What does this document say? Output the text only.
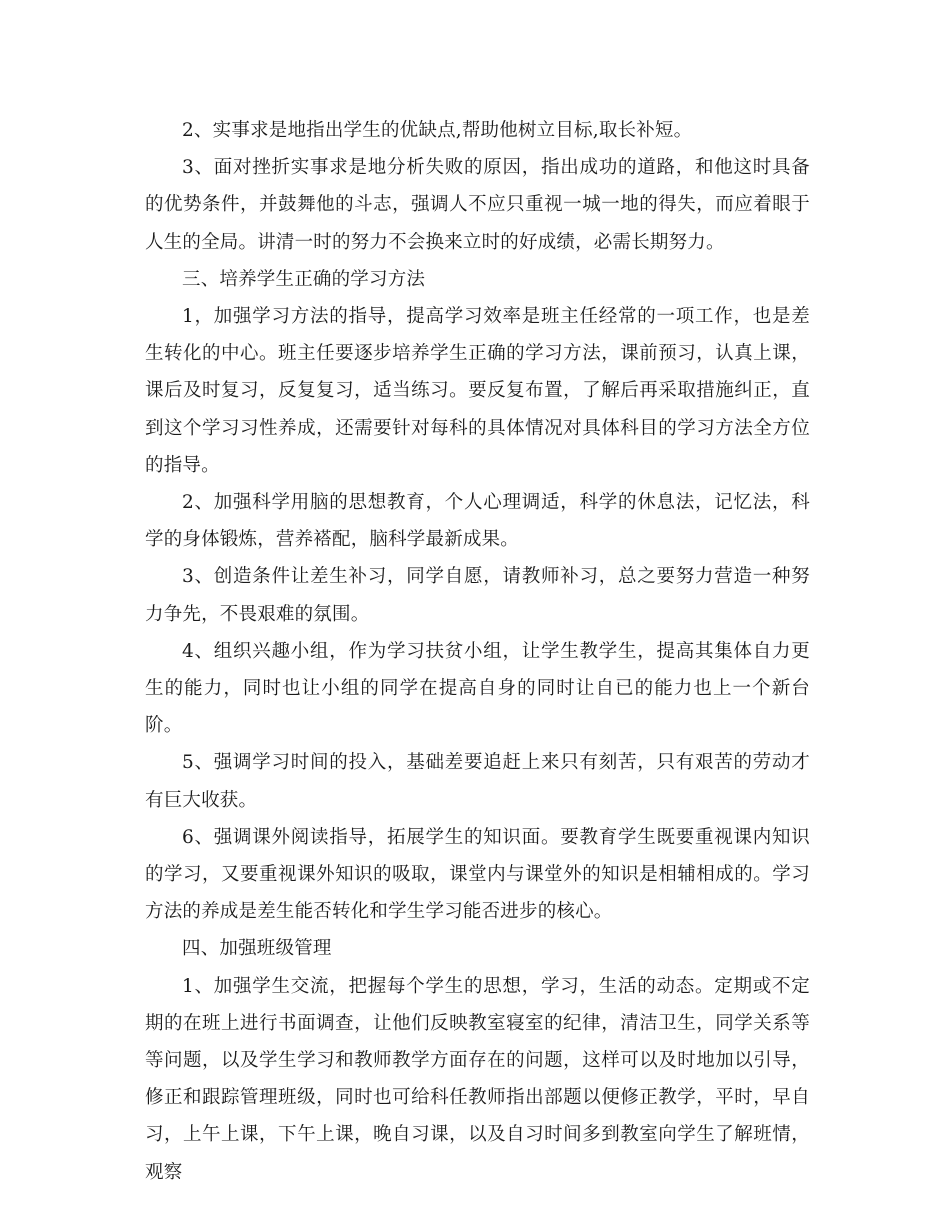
2、实事求是地指出学生的优缺点,帮助他树立目标,取长补短。

3、面对挫折实事求是地分析失败的原因，指出成功的道路，和他这时具备的优势条件，并鼓舞他的斗志，强调人不应只重视一城一地的得失，而应着眼于人生的全局。讲清一时的努力不会换来立时的好成绩，必需长期努力。

三、培养学生正确的学习方法

1，加强学习方法的指导，提高学习效率是班主任经常的一项工作，也是差生转化的中心。班主任要逐步培养学生正确的学习方法，课前预习，认真上课，课后及时复习，反复复习，适当练习。要反复布置，了解后再采取措施纠正，直到这个学习习性养成，还需要针对每科的具体情况对具体科目的学习方法全方位的指导。

2、加强科学用脑的思想教育，个人心理调适，科学的休息法，记忆法，科学的身体锻炼，营养褡配，脑科学最新成果。

3、创造条件让差生补习，同学自愿，请教师补习，总之要努力营造一种努力争先，不畏艰难的氛围。

4、组织兴趣小组，作为学习扶贫小组，让学生教学生，提高其集体自力更生的能力，同时也让小组的同学在提高自身的同时让自已的能力也上一个新台阶。

5、强调学习时间的投入，基础差要追赶上来只有刻苦，只有艰苦的劳动才有巨大收获。

6、强调课外阅读指导，拓展学生的知识面。要教育学生既要重视课内知识的学习，又要重视课外知识的吸取，课堂内与课堂外的知识是相辅相成的。学习方法的养成是差生能否转化和学生学习能否进步的核心。

四、加强班级管理

1、加强学生交流，把握每个学生的思想，学习，生活的动态。定期或不定期的在班上进行书面调查，让他们反映教室寝室的纪律，清洁卫生，同学关系等等问题，以及学生学习和教师教学方面存在的问题，这样可以及时地加以引导，修正和跟踪管理班级，同时也可给科任教师指出部题以便修正教学，平时，早自习，上午上课，下午上课，晚自习课，以及自习时间多到教室向学生了解班情，观察
